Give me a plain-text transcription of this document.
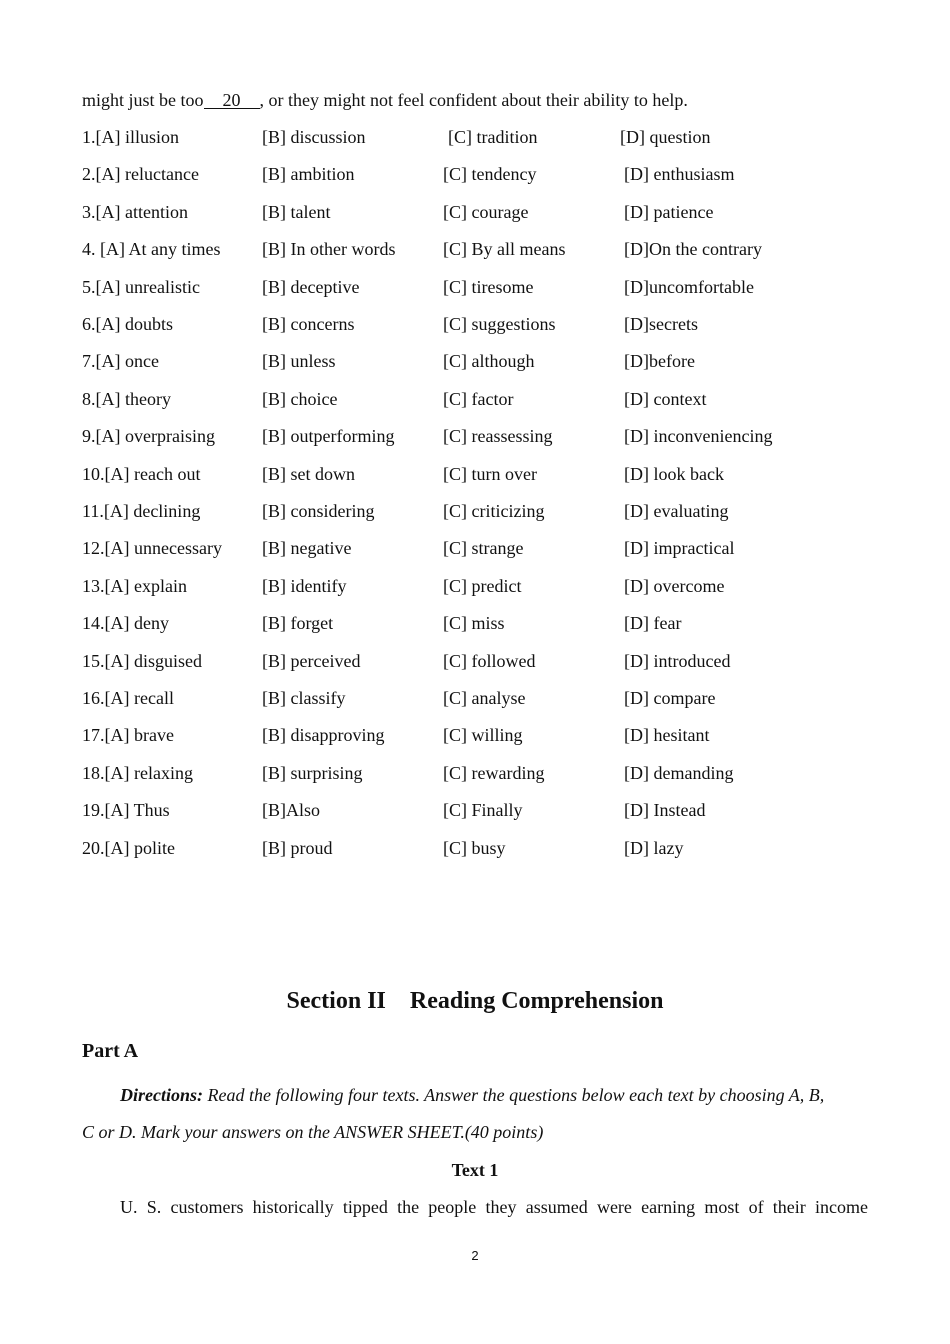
might just be too 20 , or they might not feel confident about their ability to help.
1.[A] illusion	[B] discussion	[C] tradition	[D] question
2.[A] reluctance	[B] ambition	[C] tendency	[D] enthusiasm
3.[A] attention	[B] talent	[C] courage	[D] patience
4. [A] At any times [B] In other words	[C] By all means	[D]On the contrary
5.[A] unrealistic	[B] deceptive	[C] tiresome	[D]uncomfortable
6.[A] doubts	[B] concerns	[C] suggestions	[D]secrets
7.[A] once	[B] unless	[C] although	[D]before
8.[A] theory	[B] choice	[C] factor	[D] context
9.[A] overpraising	[B] outperforming	[C] reassessing	[D] inconveniencing
10.[A] reach out	[B] set down	[C] turn over	[D] look back
11.[A] declining	[B] considering	[C] criticizing	[D] evaluating
12.[A] unnecessary [B] negative	[C] strange	[D] impractical
13.[A] explain	[B] identify	[C] predict	[D] overcome
14.[A] deny	[B] forget	[C] miss	[D] fear
15.[A] disguised	[B] perceived	[C] followed	[D] introduced
16.[A] recall	[B] classify	[C] analyse	[D] compare
17.[A] brave	[B] disapproving	[C] willing	[D] hesitant
18.[A] relaxing	[B] surprising	[C] rewarding	[D] demanding
19.[A] Thus	[B]Also	[C] Finally	[D] Instead
20.[A] polite	[B] proud	[C] busy	[D] lazy
Section II    Reading Comprehension
Part A
Directions: Read the following four texts. Answer the questions below each text by choosing A, B,
C or D. Mark your answers on the ANSWER SHEET.(40 points)
Text 1
U. S. customers historically tipped the people they assumed were earning most of their income
2
